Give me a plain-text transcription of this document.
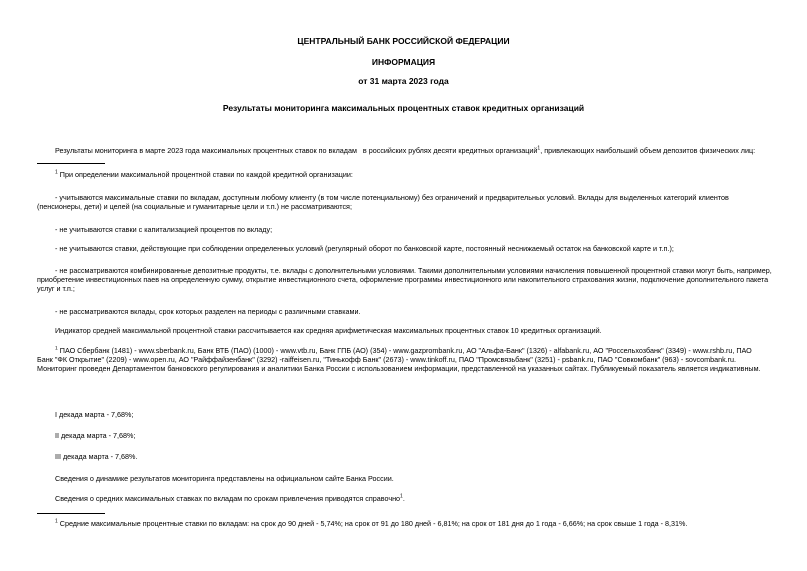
ЦЕНТРАЛЬНЫЙ БАНК РОССИЙСКОЙ ФЕДЕРАЦИИ
ИНФОРМАЦИЯ
от 31 марта 2023 года
Результаты мониторинга максимальных процентных ставок кредитных организаций
Результаты мониторинга в марте 2023 года максимальных процентных ставок по вкладам в российских рублях десяти кредитных организаций$^1$, привлекающих наибольший объем депозитов физических лиц:
$^1$ При определении максимальной процентной ставки по каждой кредитной организации:
- учитываются максимальные ставки по вкладам, доступным любому клиенту (в том числе потенциальному) без ограничений и предварительных условий. Вклады для выделенных категорий клиентов (пенсионеры, дети) и целей (на социальные и гуманитарные цели и т.п.) не рассматриваются;
- не учитываются ставки с капитализацией процентов по вкладу;
- не учитываются ставки, действующие при соблюдении определенных условий (регулярный оборот по банковской карте, постоянный неснижаемый остаток на банковской карте и т.п.);
- не рассматриваются комбинированные депозитные продукты, т.е. вклады с дополнительными условиями. Такими дополнительными условиями начисления повышенной процентной ставки могут быть, например, приобретение инвестиционных паев на определенную сумму, открытие инвестиционного счета, оформление программы инвестиционного или накопительного страхования жизни, подключение дополнительного пакета услуг и т.п.;
- не рассматриваются вклады, срок которых разделен на периоды с различными ставками.
Индикатор средней максимальной процентной ставки рассчитывается как средняя арифметическая максимальных процентных ставок 10 кредитных организаций.
$^1$ ПАО Сбербанк (1481) - www.sberbank.ru, Банк ВТБ (ПАО) (1000) - www.vtb.ru, Банк ГПБ (АО) (354) - www.gazprombank.ru, АО "Альфа-Банк" (1326) - alfabank.ru, АО "Россельхозбанк" (3349) - www.rshb.ru, ПАО
Банк "ФК Открытие" (2209) - www.open.ru, АО "Райффайзенбанк" (3292) -raiffeisen.ru, "Тинькофф Банк" (2673) - www.tinkoff.ru, ПАО "Промсвязьбанк" (3251) - psbank.ru, ПАО "Совкомбанк" (963) - sovcombank.ru.
Мониторинг проведен Департаментом банковского регулирования и аналитики Банка России с использованием информации, представленной на указанных сайтах. Публикуемый показатель является индикативным.
I декада марта - 7,68%;
II декада марта - 7,68%;
III декада марта - 7,68%.
Сведения о динамике результатов мониторинга представлены на официальном сайте Банка России.
Сведения о средних максимальных ставках по вкладам по срокам привлечения приводятся справочно$^1$.
$^1$ Средние максимальные процентные ставки по вкладам: на срок до 90 дней - 5,74%; на срок от 91 до 180 дней - 6,81%; на срок от 181 дня до 1 года - 6,66%; на срок свыше 1 года - 8,31%.
